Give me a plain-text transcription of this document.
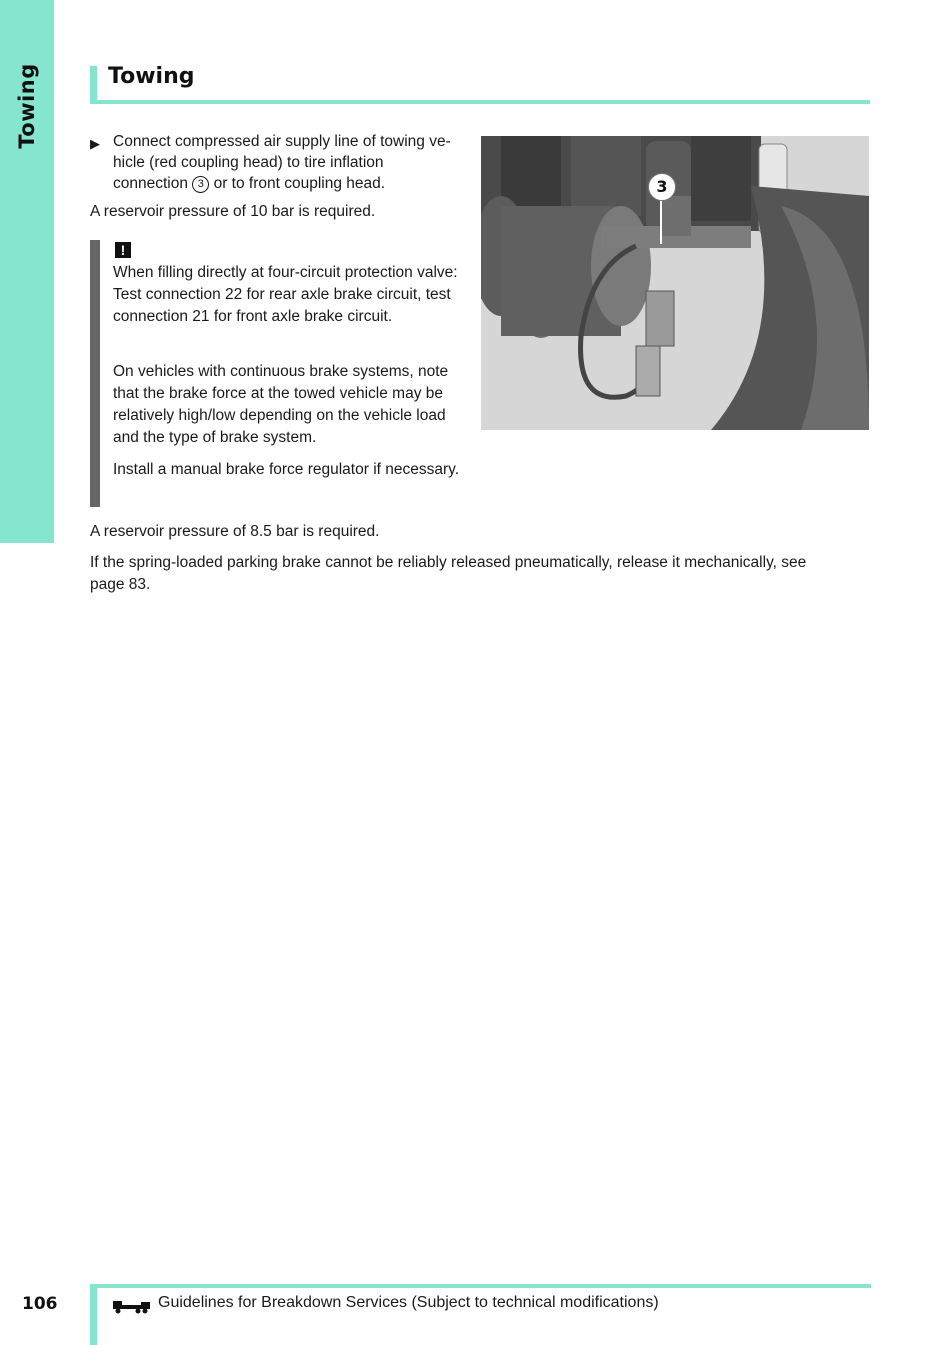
Towing	Towing
▶ Connect compressed air supply line of towing ve-
hicle (red coupling head) to tire inflation
connection 3 or to front coupling head.
A reservoir pressure of 10 bar is required.
!
When filling directly at four-circuit protection valve: Test connection 22 for rear axle brake circuit, test connection 21 for front axle brake circuit.
On vehicles with continuous brake systems, note that the brake force at the towed vehicle may be relatively high/low depending on the vehicle load and the type of brake system.
Install a manual brake force regulator if necessary.
A reservoir pressure of 8.5 bar is required.
If the spring-loaded parking brake cannot be reliably released pneumatically, release it mechanically, see page 83.
3
106	Guidelines for Breakdown Services (Subject to technical modifications)
